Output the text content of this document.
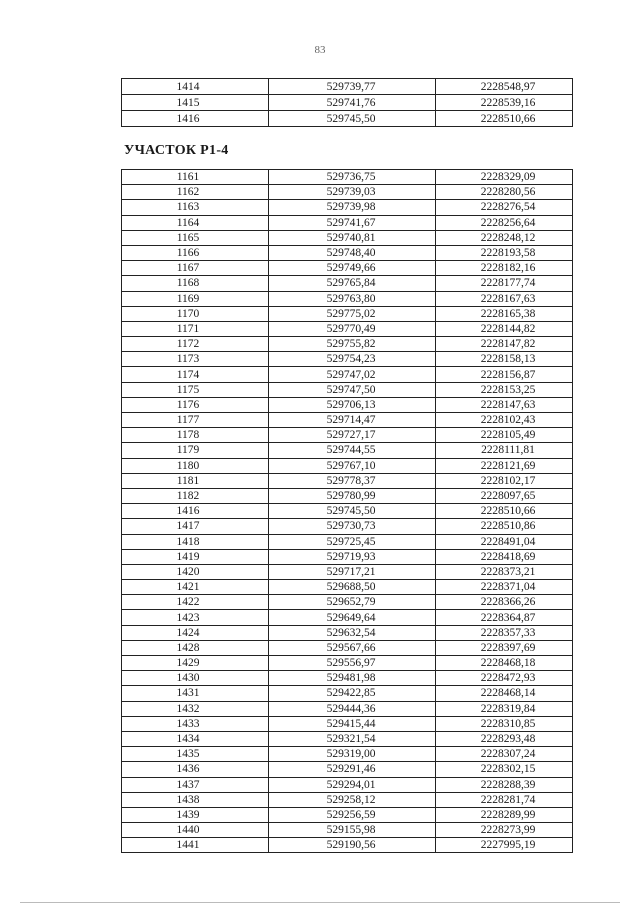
83
1414	529739,77	2228548,97
1415	529741,76	2228539,16
1416	529745,50	2228510,66
УЧАСТОК Р1-4
1161	529736,75	2228329,09
1162	529739,03	2228280,56
1163	529739,98	2228276,54
1164	529741,67	2228256,64
1165	529740,81	2228248,12
1166	529748,40	2228193,58
1167	529749,66	2228182,16
1168	529765,84	2228177,74
1169	529763,80	2228167,63
1170	529775,02	2228165,38
1171	529770,49	2228144,82
1172	529755,82	2228147,82
1173	529754,23	2228158,13
1174	529747,02	2228156,87
1175	529747,50	2228153,25
1176	529706,13	2228147,63
1177	529714,47	2228102,43
1178	529727,17	2228105,49
1179	529744,55	2228111,81
1180	529767,10	2228121,69
1181	529778,37	2228102,17
1182	529780,99	2228097,65
1416	529745,50	2228510,66
1417	529730,73	2228510,86
1418	529725,45	2228491,04
1419	529719,93	2228418,69
1420	529717,21	2228373,21
1421	529688,50	2228371,04
1422	529652,79	2228366,26
1423	529649,64	2228364,87
1424	529632,54	2228357,33
1428	529567,66	2228397,69
1429	529556,97	2228468,18
1430	529481,98	2228472,93
1431	529422,85	2228468,14
1432	529444,36	2228319,84
1433	529415,44	2228310,85
1434	529321,54	2228293,48
1435	529319,00	2228307,24
1436	529291,46	2228302,15
1437	529294,01	2228288,39
1438	529258,12	2228281,74
1439	529256,59	2228289,99
1440	529155,98	2228273,99
1441	529190,56	2227995,19
